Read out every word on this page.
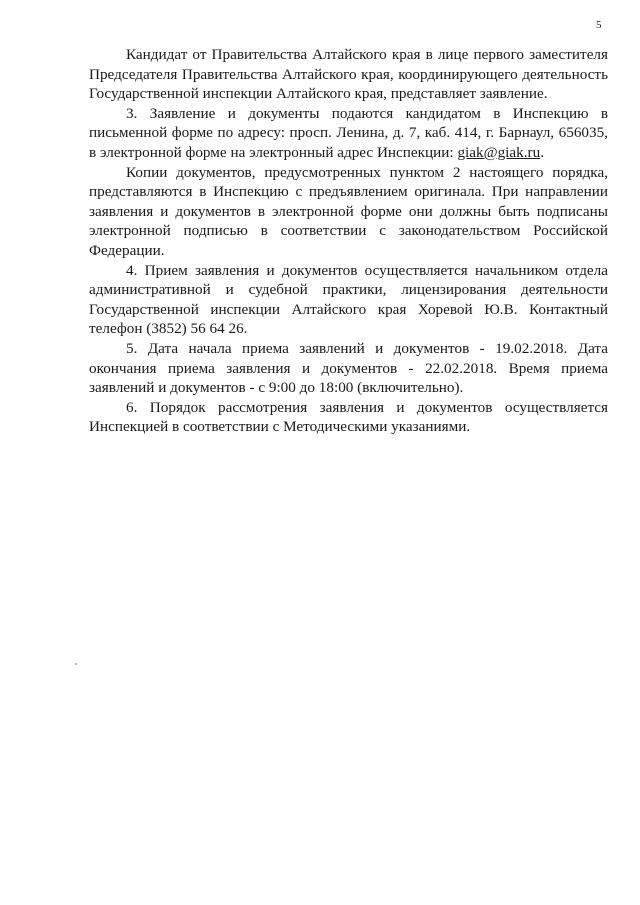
5

Кандидат от Правительства Алтайского края в лице первого заместителя Председателя Правительства Алтайского края, координирующего деятельность Государственной инспекции Алтайского края, представляет заявление.

3. Заявление и документы подаются кандидатом в Инспекцию в письменной форме по адресу: просп. Ленина, д. 7, каб. 414, г. Барнаул, 656035, в электронной форме на электронный адрес Инспекции: giak@giak.ru.

Копии документов, предусмотренных пунктом 2 настоящего порядка, представляются в Инспекцию с предъявлением оригинала. При направлении заявления и документов в электронной форме они должны быть подписаны электронной подписью в соответствии с законодательством Российской Федерации.

4. Прием заявления и документов осуществляется начальником отдела административной и судебной практики, лицензирования деятельности Государственной инспекции Алтайского края Хоревой Ю.В. Контактный телефон (3852) 56 64 26.

5. Дата начала приема заявлений и документов - 19.02.2018. Дата окончания приема заявления и документов - 22.02.2018. Время приема заявлений и документов - с 9:00 до 18:00 (включительно).

6. Порядок рассмотрения заявления и документов осуществляется Инспекцией в соответствии с Методическими указаниями.
